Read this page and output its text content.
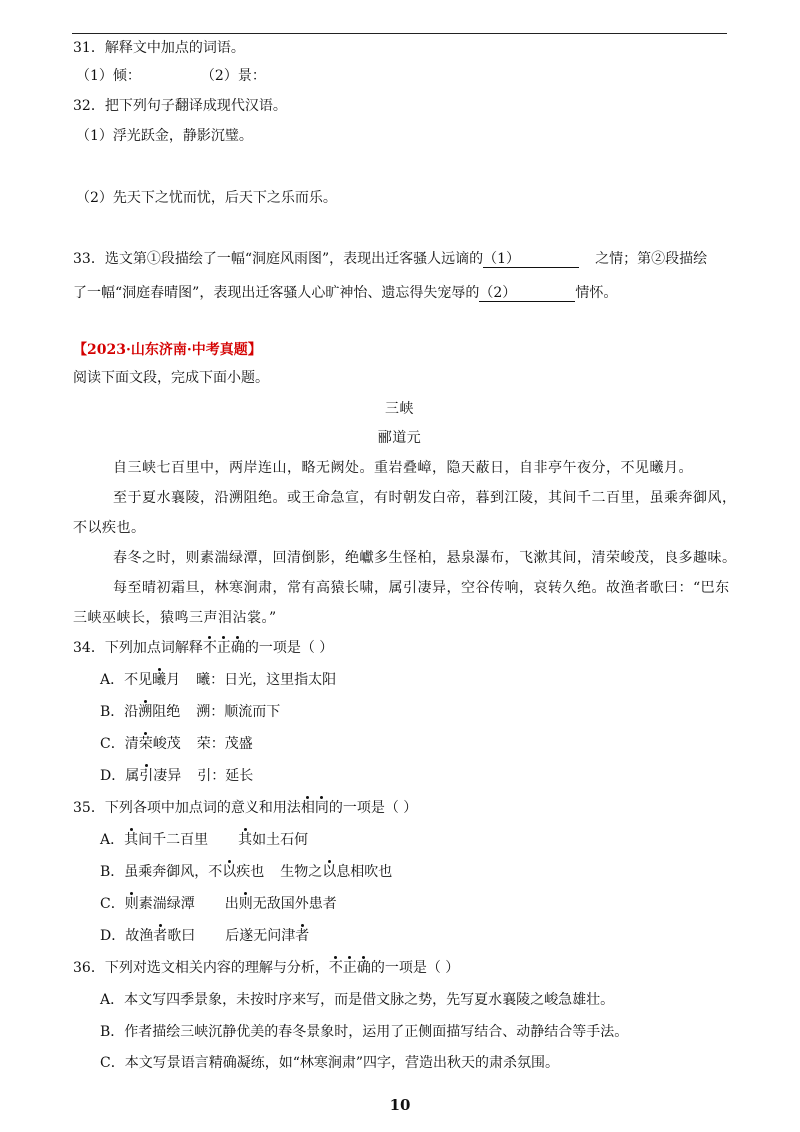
31．解释文中加点的词语。
（1）倾：	（2）景：
32．把下列句子翻译成现代汉语。
（1）浮光跃金，静影沉璧。
（2）先天下之忧而忧，后天下之乐而乐。
33．选文第①段描绘了一幅“洞庭风雨图”，表现出迁客骚人远谪的（1）	之情；第②段描绘
了一幅“洞庭春晴图”，表现出迁客骚人心旷神怡、遗忘得失宠辱的（2）	情怀。
【2023·山东济南·中考真题】
阅读下面文段，完成下面小题。
三峡
郦道元
自三峡七百里中，两岸连山，略无阙处。重岩叠嶂，隐天蔽日，自非亭午夜分，不见曦月。
至于夏水襄陵，沿溯阻绝。或王命急宣，有时朝发白帝，暮到江陵，其间千二百里，虽乘奔御风，
不以疾也。
春冬之时，则素湍绿潭，回清倒影，绝巘多生怪柏，悬泉瀑布，飞漱其间，清荣峻茂，良多趣味。
每至晴初霜旦，林寒涧肃，常有高猿长啸，属引凄异，空谷传响，哀转久绝。故渔者歌曰：“巴东
三峡巫峡长，猿鸣三声泪沾裳。”
34．下列加点词解释不正确的一项是（ ）
A．不见曦月 曦：日光，这里指太阳
B．沿溯阻绝 溯：顺流而下
C．清荣峻茂 荣：茂盛
D．属引凄异 引：延长
35．下列各项中加点词的意义和用法相同的一项是（ ）
A．其间千二百里 其如土石何
B．虽乘奔御风，不以疾也 生物之以息相吹也
C．则素湍绿潭 出则无敌国外患者
D．故渔者歌曰 后遂无问津者
36．下列对选文相关内容的理解与分析，不正确的一项是（ ）
A．本文写四季景象，未按时序来写，而是借文脉之势，先写夏水襄陵之峻急雄壮。
B．作者描绘三峡沉静优美的春冬景象时，运用了正侧面描写结合、动静结合等手法。
C．本文写景语言精确凝练，如“林寒涧肃”四字，营造出秋天的肃杀氛围。
10
